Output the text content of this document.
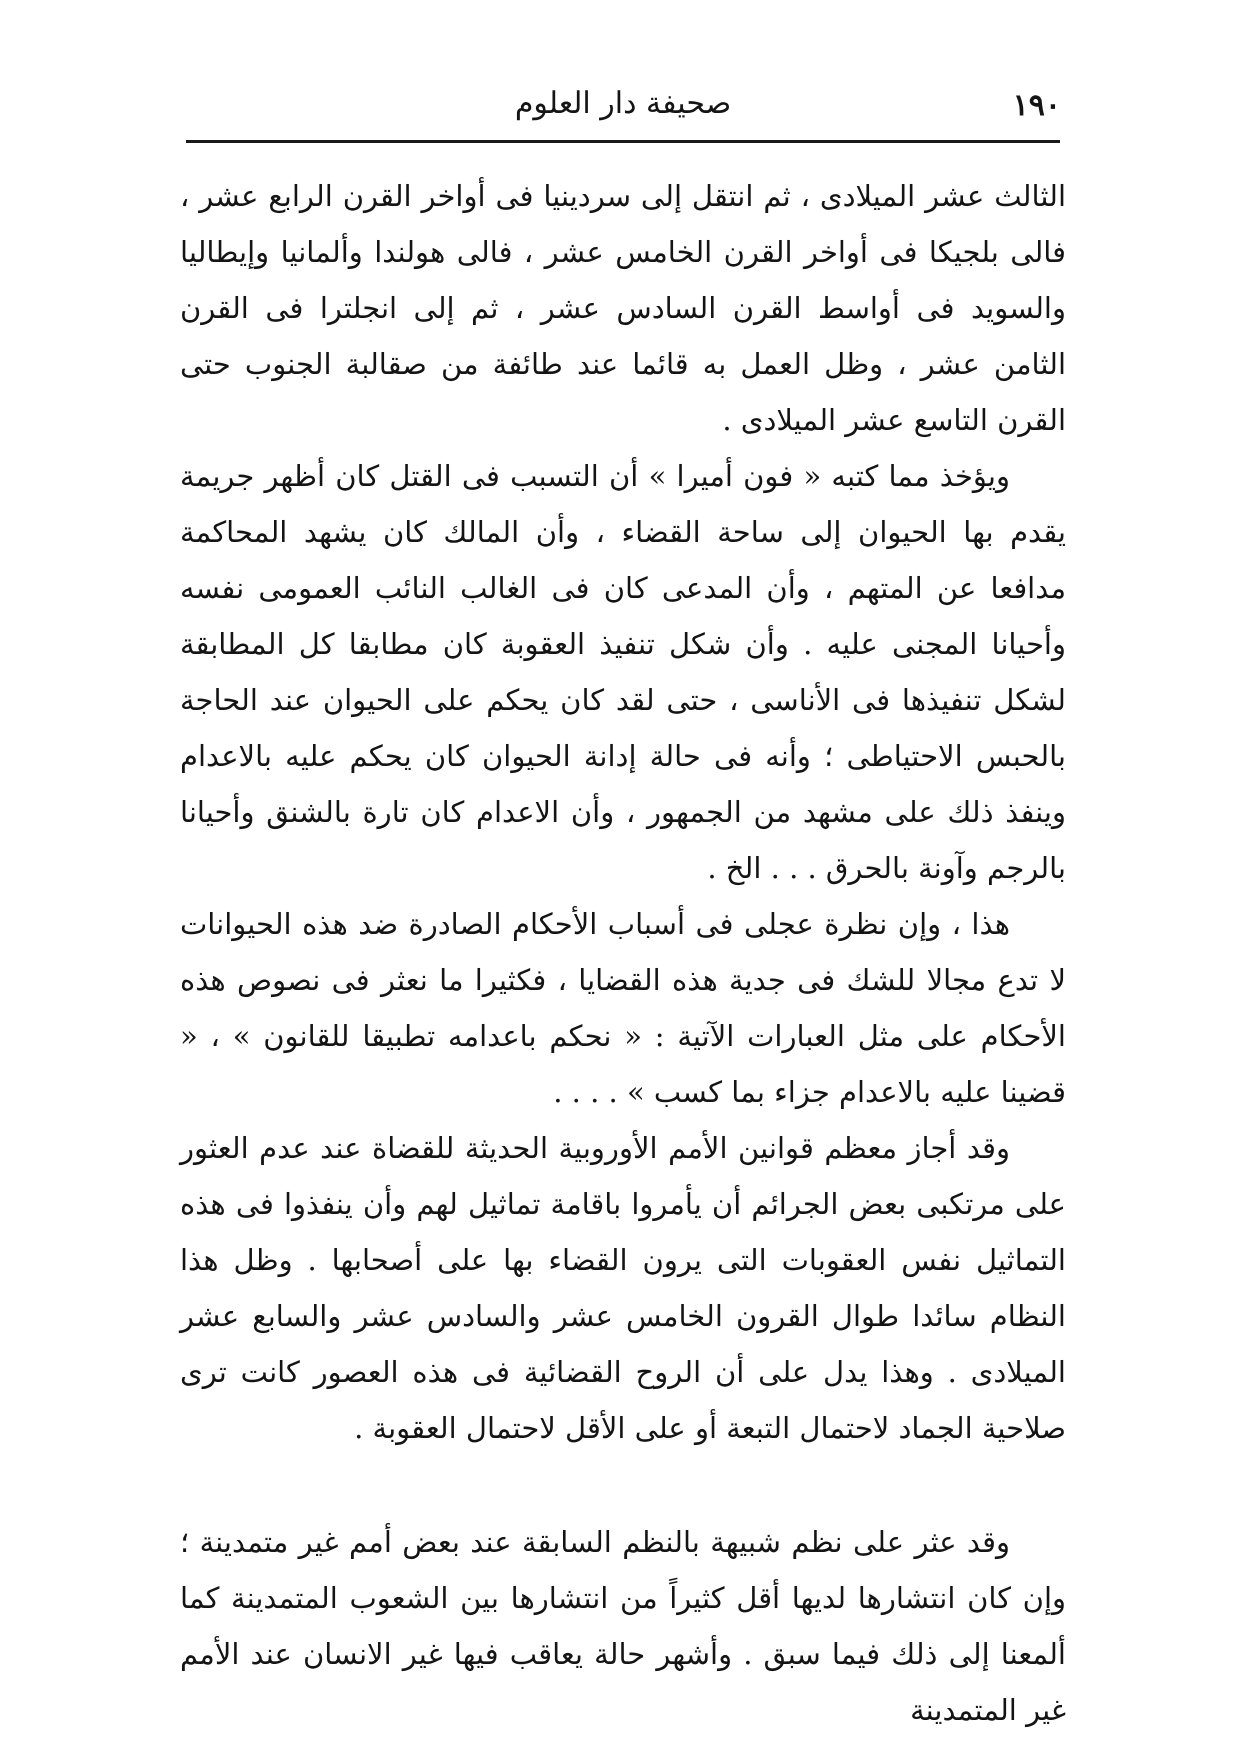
١٩٠
صحيفة دار العلوم

الثالث عشر الميلادى ، ثم انتقل إلى سردينيا فى أواخر القرن الرابع عشر ، فالى بلجيكا فى أواخر القرن الخامس عشر ، فالى هولندا وألمانيا وإيطاليا والسويد فى أواسط القرن السادس عشر ، ثم إلى انجلترا فى القرن الثامن عشر ، وظل العمل به قائما عند طائفة من صقالبة الجنوب حتى القرن التاسع عشر الميلادى .

ويؤخذ مما كتبه « فون أميرا » أن التسبب فى القتل كان أظهر جريمة يقدم بها الحيوان إلى ساحة القضاء ، وأن المالك كان يشهد المحاكمة مدافعا عن المتهم ، وأن المدعى كان فى الغالب النائب العمومى نفسه وأحيانا المجنى عليه . وأن شكل تنفيذ العقوبة كان مطابقا كل المطابقة لشكل تنفيذها فى الأناسى ، حتى لقد كان يحكم على الحيوان عند الحاجة بالحبس الاحتياطى ؛ وأنه فى حالة إدانة الحيوان كان يحكم عليه بالاعدام وينفذ ذلك على مشهد من الجمهور ، وأن الاعدام كان تارة بالشنق وأحيانا بالرجم وآونة بالحرق . . . الخ .

هذا ، وإن نظرة عجلى فى أسباب الأحكام الصادرة ضد هذه الحيوانات لا تدع مجالا للشك فى جدية هذه القضايا ، فكثيرا ما نعثر فى نصوص هذه الأحكام على مثل العبارات الآتية : « نحكم باعدامه تطبيقا للقانون » ، « قضينا عليه بالاعدام جزاء بما كسب » . . . .

وقد أجاز معظم قوانين الأمم الأوروبية الحديثة للقضاة عند عدم العثور على مرتكبى بعض الجرائم أن يأمروا باقامة تماثيل لهم وأن ينفذوا فى هذه التماثيل نفس العقوبات التى يرون القضاء بها على أصحابها . وظل هذا النظام سائدا طوال القرون الخامس عشر والسادس عشر والسابع عشر الميلادى . وهذا يدل على أن الروح القضائية فى هذه العصور كانت ترى صلاحية الجماد لاحتمال التبعة أو على الأقل لاحتمال العقوبة .

وقد عثر على نظم شبيهة بالنظم السابقة عند بعض أمم غير متمدينة ؛ وإن كان انتشارها لديها أقل كثيراً من انتشارها بين الشعوب المتمدينة كما ألمعنا إلى ذلك فيما سبق . وأشهر حالة يعاقب فيها غير الانسان عند الأمم غير المتمدينة
